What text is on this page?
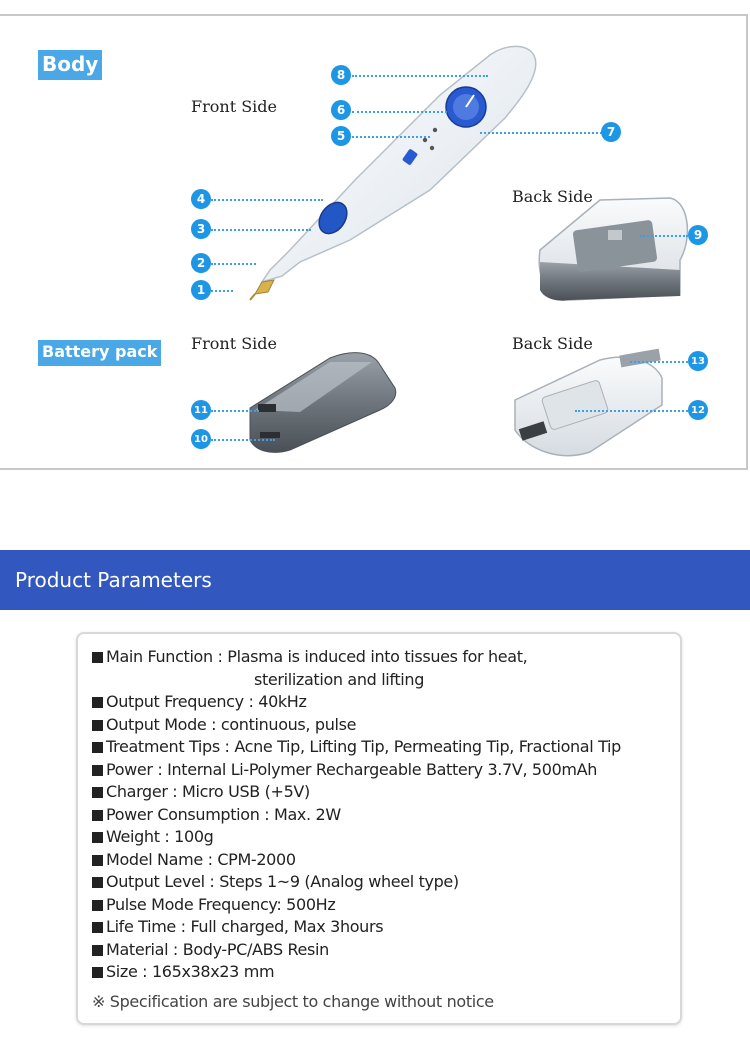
Body
Battery pack
Front Side
Back Side
Front Side	Back Side
1
2
3
4
5
6
7
8
9
10
11	12
13
Product Parameters
Main Function : Plasma is induced into tissues for heat,
sterilization and lifting
Output Frequency : 40kHz
Output Mode : continuous, pulse
Treatment Tips : Acne Tip, Lifting Tip, Permeating Tip, Fractional Tip
Power : Internal Li-Polymer Rechargeable Battery 3.7V, 500mAh
Charger : Micro USB (+5V)
Power Consumption : Max. 2W
Weight : 100g
Model Name : CPM-2000
Output Level : Steps 1~9 (Analog wheel type)
Pulse Mode Frequency: 500Hz
Life Time : Full charged, Max 3hours
Material : Body-PC/ABS Resin
Size : 165x38x23 mm
※ Specification are subject to change without notice
